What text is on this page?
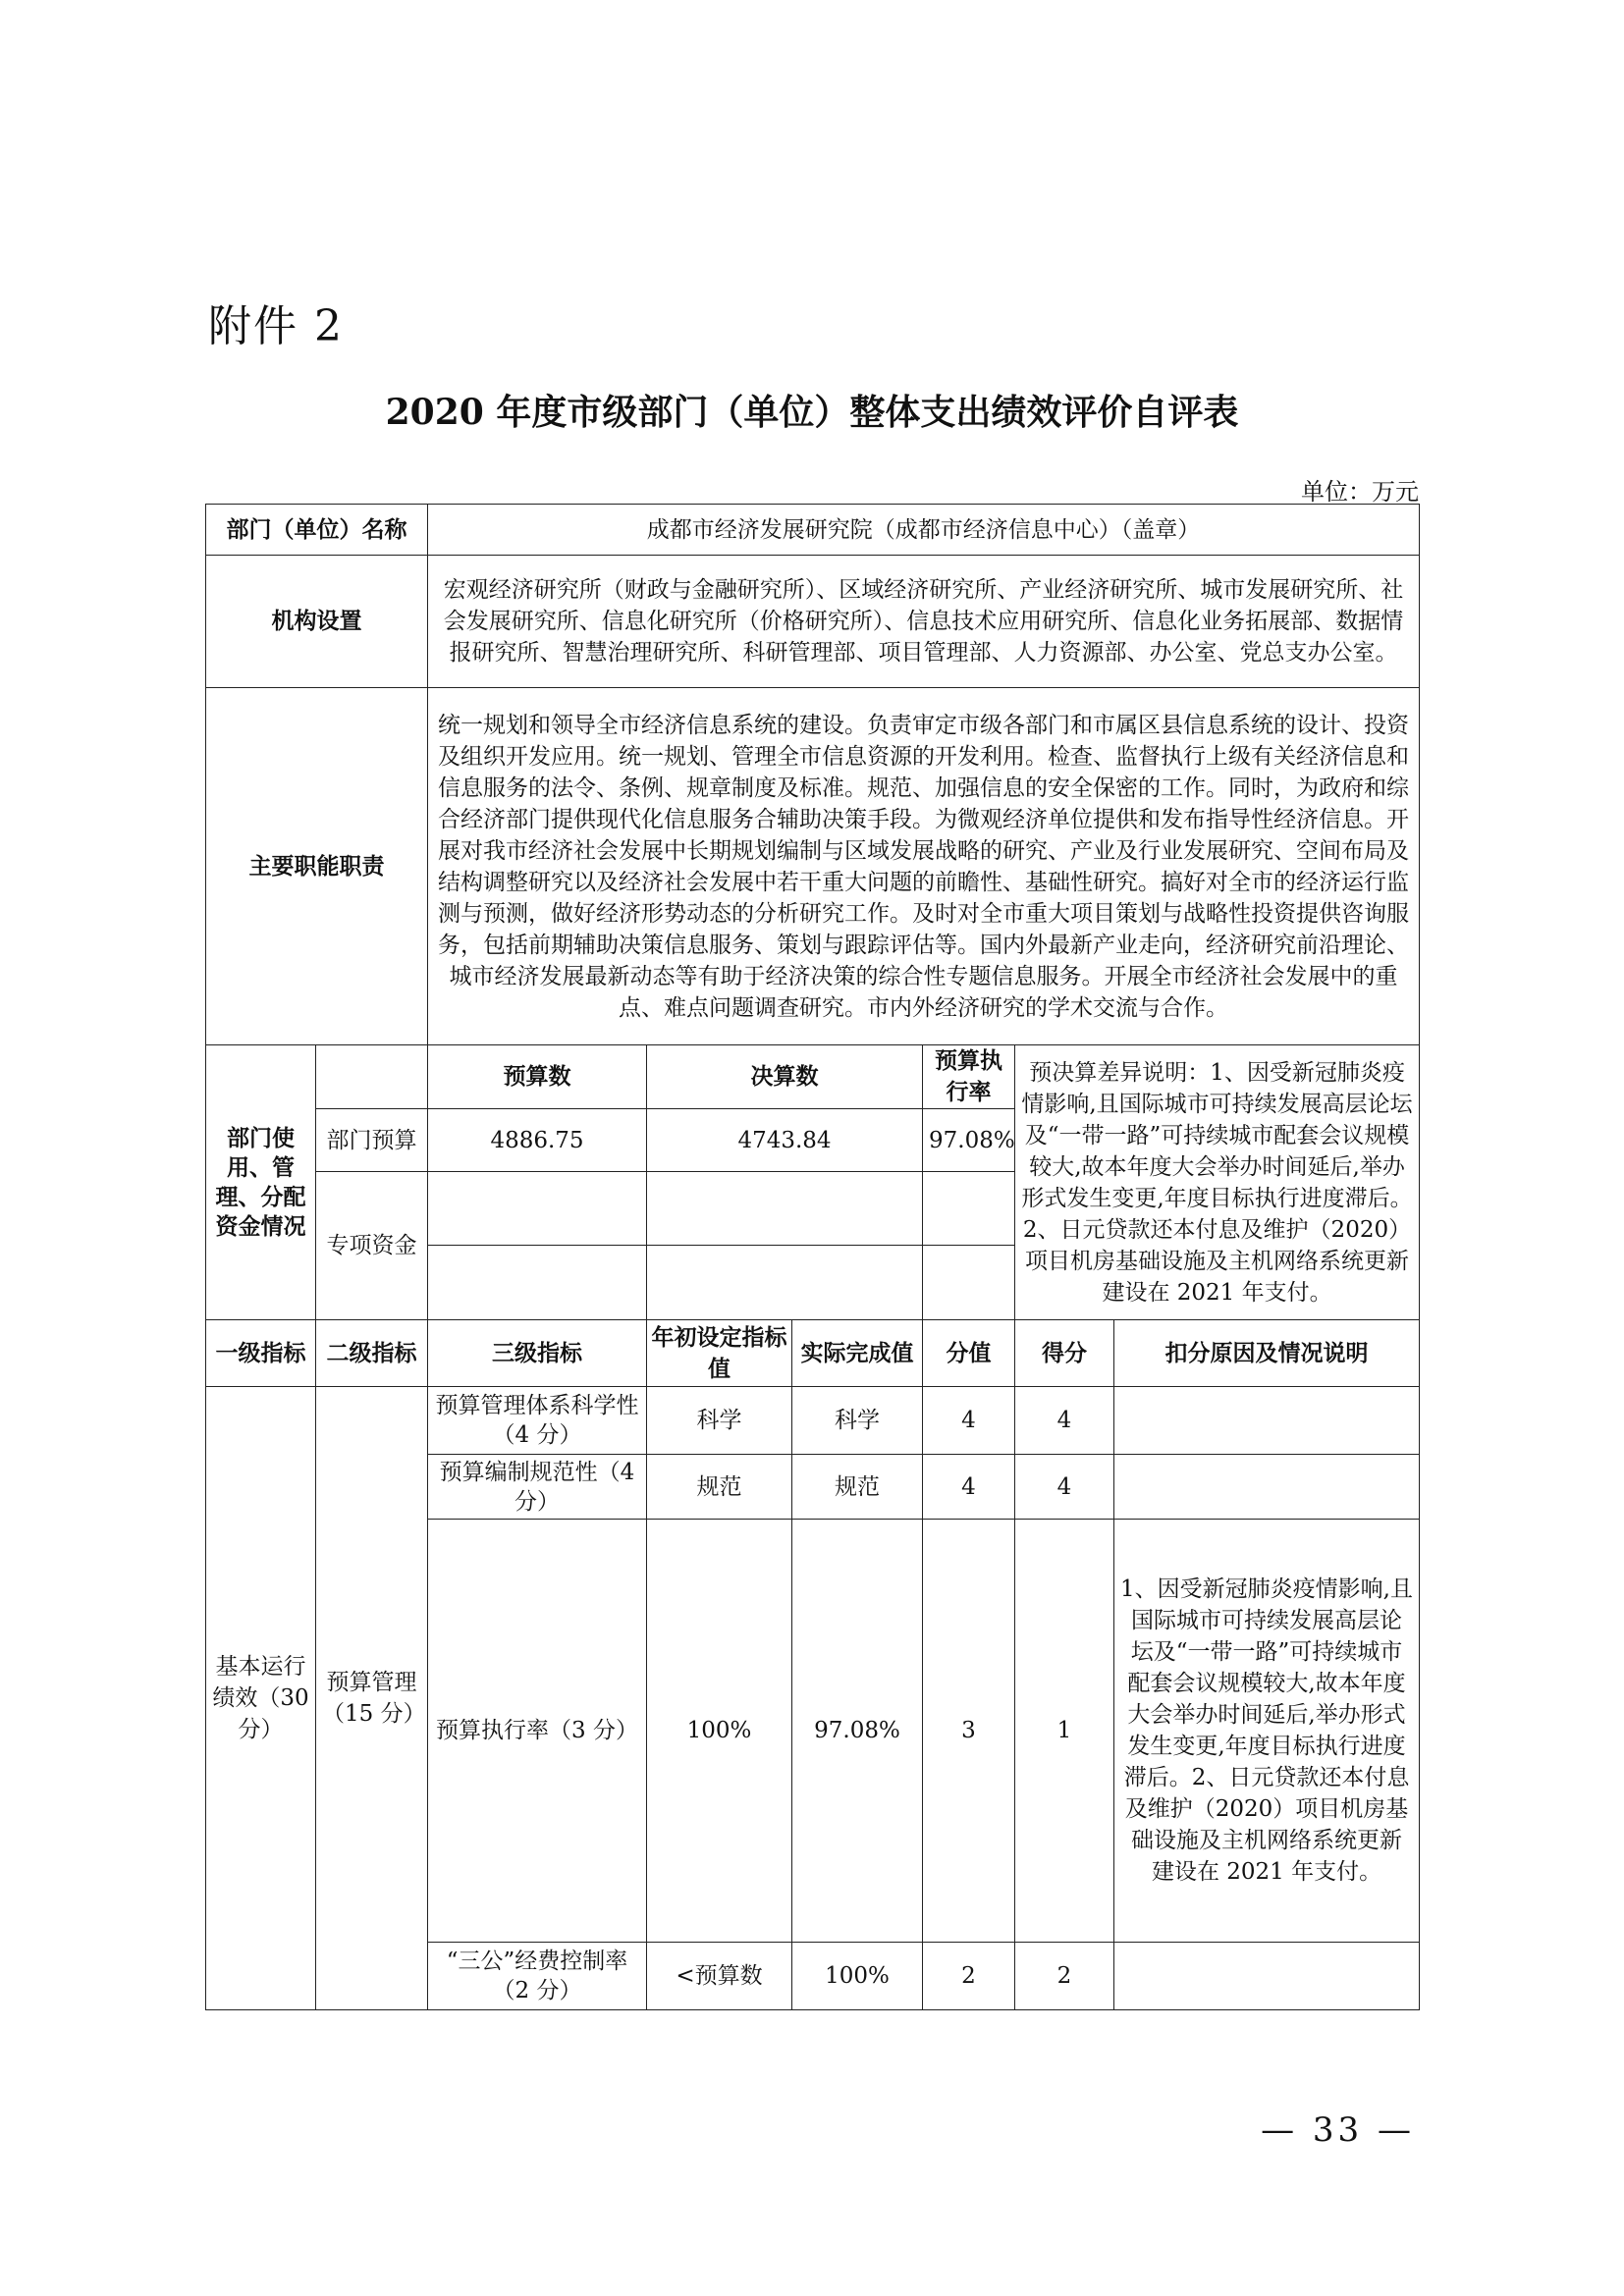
附件 2
2020 年度市级部门（单位）整体支出绩效评价自评表
单位：万元
部门（单位）名称		成都市经济发展研究院（成都市经济信息中心）（盖章）					
机构设置		宏观经济研究所（财政与金融研究所）、区域经济研究所、产业经济研究所、城市发展研究所、社会发展研究所、信息化研究所（价格研究所）、信息技术应用研究所、信息化业务拓展部、数据情报研究所、智慧治理研究所、科研管理部、项目管理部、人力资源部、办公室、党总支办公室。					
主要职能职责		统一规划和领导全市经济信息系统的建设。负责审定市级各部门和市属区县信息系统的设计、投资及组织开发应用。统一规划、管理全市信息资源的开发利用。检查、监督执行上级有关经济信息和信息服务的法令、条例、规章制度及标准。规范、加强信息的安全保密的工作。同时，为政府和综合经济部门提供现代化信息服务合辅助决策手段。为微观经济单位提供和发布指导性经济信息。开展对我市经济社会发展中长期规划编制与区域发展战略的研究、产业及行业发展研究、空间布局及结构调整研究以及经济社会发展中若干重大问题的前瞻性、基础性研究。搞好对全市的经济运行监测与预测，做好经济形势动态的分析研究工作。及时对全市重大项目策划与战略性投资提供咨询服务，包括前期辅助决策信息服务、策划与跟踪评估等。国内外最新产业走向，经济研究前沿理论、城市经济发展最新动态等有助于经济决策的综合性专题信息服务。开展全市经济社会发展中的重点、难点问题调查研究。市内外经济研究的学术交流与合作。					
部门使用、管理、分配资金情况		预算数	决算数		预算执行率	预决算差异说明：1、因受新冠肺炎疫情影响,且国际城市可持续发展高层论坛及“一带一路”可持续城市配套会议规模较大,故本年度大会举办时间延后,举办形式发生变更,年度目标执行进度滞后。2、日元贷款还本付息及维护（2020）项目机房基础设施及主机网络系统更新建设在 2021 年支付。	
	部门预算	4886.75	4743.84		97.08%		
	专项资金						

一级指标	二级指标	三级指标	年初设定指标值	实际完成值	分值	得分	扣分原因及情况说明
基本运行绩效（30 分）	预算管理（15 分）	预算管理体系科学性（4 分）	科学	科学	4	4	
		预算编制规范性（4 分）	规范	规范	4	4	
		预算执行率（3 分）	100%	97.08%	3	1	1、因受新冠肺炎疫情影响,且国际城市可持续发展高层论坛及“一带一路”可持续城市配套会议规模较大,故本年度大会举办时间延后,举办形式发生变更,年度目标执行进度滞后。2、日元贷款还本付息及维护（2020）项目机房基础设施及主机网络系统更新建设在 2021 年支付。
		“三公”经费控制率（2 分）	<预算数	100%	2	2	
— 33 —
